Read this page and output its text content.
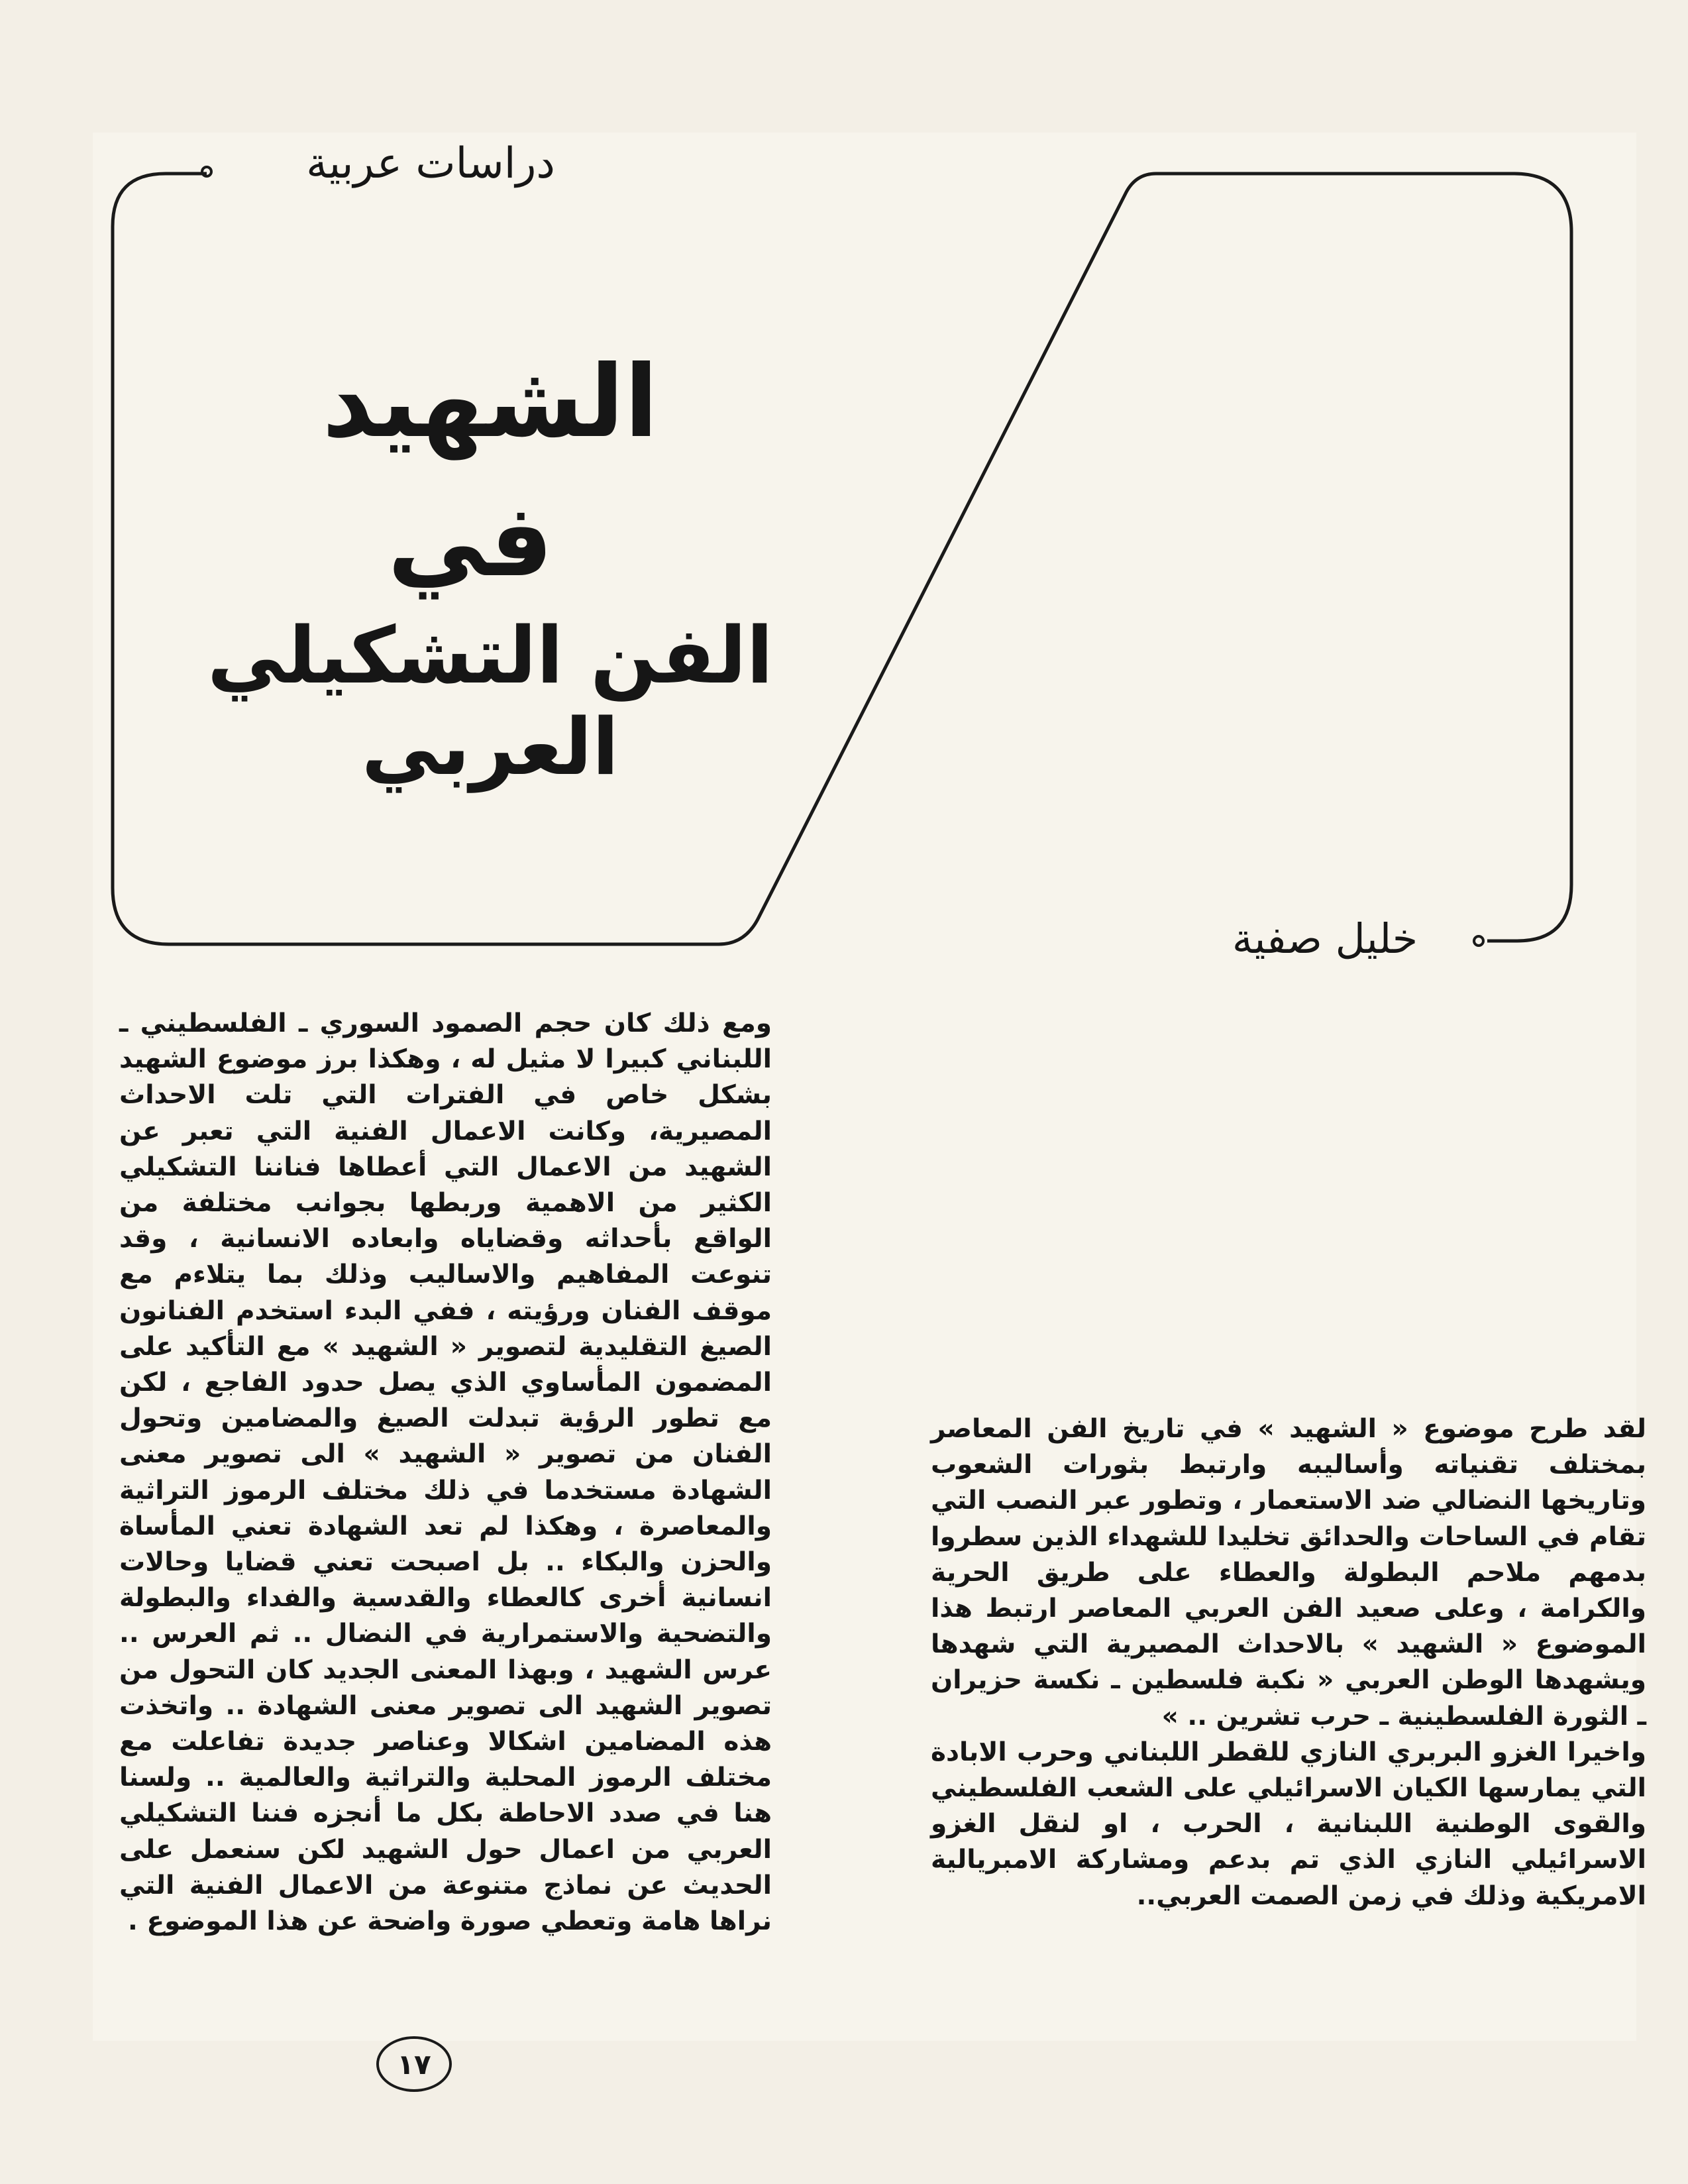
دراسات عربية
الشهيد
في
الفن التشكيلي العربي
خليل صفية

ومع ذلك كان حجم الصمود السوري ـ الفلسطيني ـ اللبناني كبيرا لا مثيل له ، وهكذا برز موضوع الشهيد بشكل خاص في الفترات التي تلت الاحداث المصيرية، وكانت الاعمال الفنية التي تعبر عن الشهيد من الاعمال التي أعطاها فناننا التشكيلي الكثير من الاهمية وربطها بجوانب مختلفة من الواقع بأحداثه وقضاياه وابعاده الانسانية ، وقد تنوعت المفاهيم والاساليب وذلك بما يتلاءم مع موقف الفنان ورؤيته ، ففي البدء استخدم الفنانون الصيغ التقليدية لتصوير « الشهيد » مع التأكيد على المضمون المأساوي الذي يصل حدود الفاجع ، لكن مع تطور الرؤية تبدلت الصيغ والمضامين وتحول الفنان من تصوير « الشهيد » الى تصوير معنى الشهادة مستخدما في ذلك مختلف الرموز التراثية والمعاصرة ، وهكذا لم تعد الشهادة تعني المأساة والحزن والبكاء .. بل اصبحت تعني قضايا وحالات انسانية أخرى كالعطاء والقدسية والفداء والبطولة والتضحية والاستمرارية في النضال .. ثم العرس .. عرس الشهيد ، وبهذا المعنى الجديد كان التحول من تصوير الشهيد الى تصوير معنى الشهادة .. واتخذت هذه المضامين اشكالا وعناصر جديدة تفاعلت مع مختلف الرموز المحلية والتراثية والعالمية .. ولسنا هنا في صدد الاحاطة بكل ما أنجزه فننا التشكيلي العربي من اعمال حول الشهيد لكن سنعمل على الحديث عن نماذج متنوعة من الاعمال الفنية التي نراها هامة وتعطي صورة واضحة عن هذا الموضوع .

لقد طرح موضوع « الشهيد » في تاريخ الفن المعاصر بمختلف تقنياته وأساليبه وارتبط بثورات الشعوب وتاريخها النضالي ضد الاستعمار ، وتطور عبر النصب التي تقام في الساحات والحدائق تخليدا للشهداء الذين سطروا بدمهم ملاحم البطولة والعطاء على طريق الحرية والكرامة ، وعلى صعيد الفن العربي المعاصر ارتبط هذا الموضوع « الشهيد » بالاحداث المصيرية التي شهدها ويشهدها الوطن العربي « نكبة فلسطين ـ نكسة حزيران ـ الثورة الفلسطينية ـ حرب تشرين .. »

واخيرا الغزو البربري النازي للقطر اللبناني وحرب الابادة التي يمارسها الكيان الاسرائيلي على الشعب الفلسطيني والقوى الوطنية اللبنانية ، الحرب ، او لنقل الغزو الاسرائيلي النازي الذي تم بدعم ومشاركة الامبريالية الامريكية وذلك في زمن الصمت العربي..

١٧
